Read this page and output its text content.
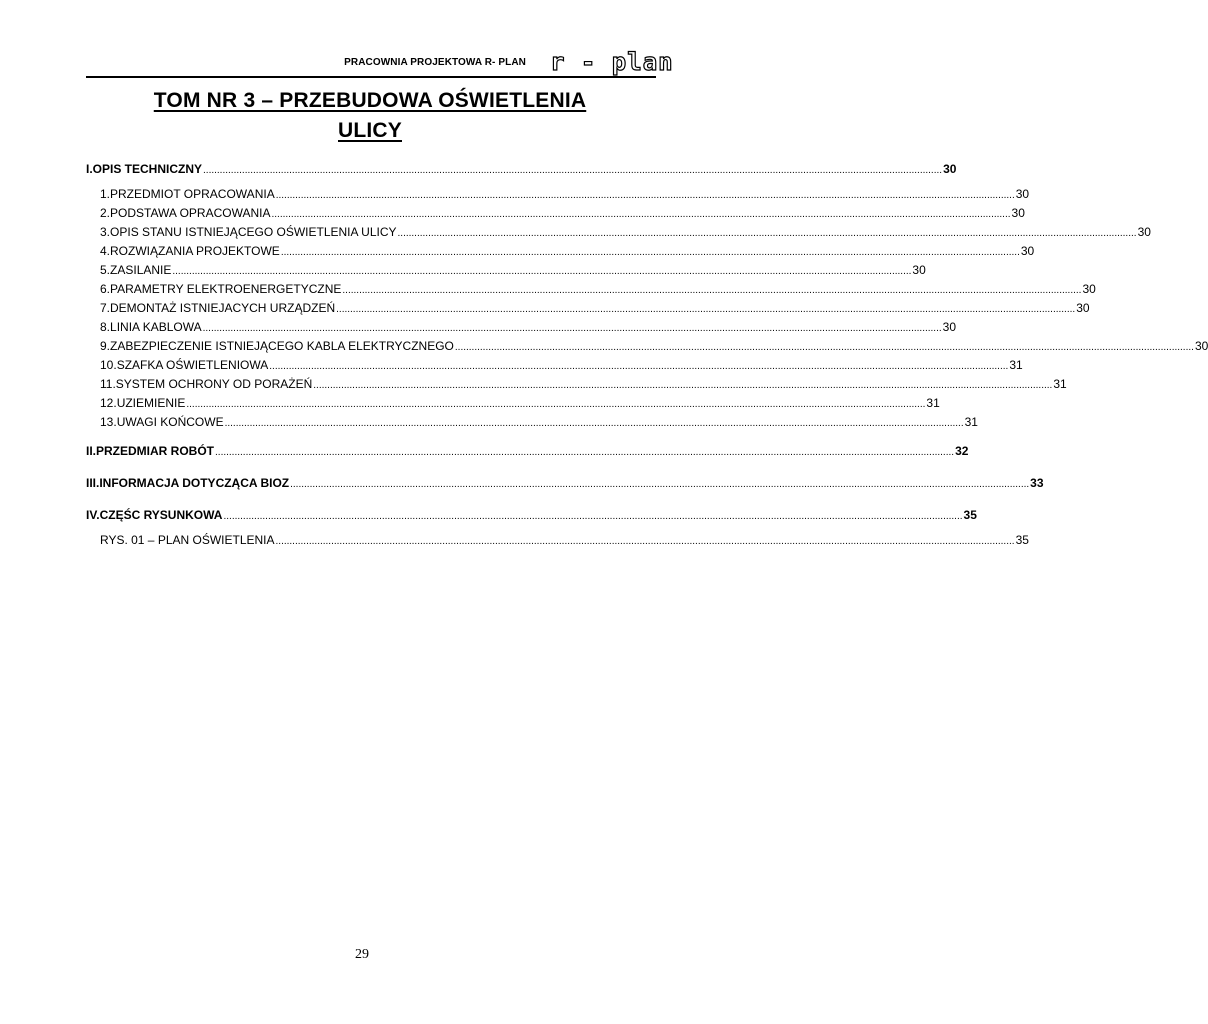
PRACOWNIA PROJEKTOWA R- PLAN r - plan
TOM NR 3 – PRZEBUDOWA OŚWIETLENIA
ULICY
I. OPIS TECHNICZNY .....	30
1. PRZEDMIOT OPRACOWANIA .....	30
2. PODSTAWA OPRACOWANIA .....	30
3. OPIS STANU ISTNIEJĄCEGO OŚWIETLENIA ULICY .....	30
4. ROZWIĄZANIA PROJEKTOWE .....	30
5. ZASILANIE .....	30
6. PARAMETRY ELEKTROENERGETYCZNE .....	30
7. DEMONTAŻ ISTNIEJACYCH URZĄDZEŃ .....	30
8. LINIA KABLOWA .....	30
9. ZABEZPIECZENIE ISTNIEJĄCEGO KABLA ELEKTRYCZNEGO .....	30
10. SZAFKA OŚWIETLENIOWA .....	31
11. SYSTEM OCHRONY OD PORAŻEŃ .....	31
12. UZIEMIENIE .....	31
13. UWAGI KOŃCOWE .....	31
II. PRZEDMIAR ROBÓT .....	32
III. INFORMACJA DOTYCZĄCA BIOZ .....	33
IV. CZĘŚC RYSUNKOWA .....	35
RYS. 01 – PLAN OŚWIETLENIA .....	35
29
